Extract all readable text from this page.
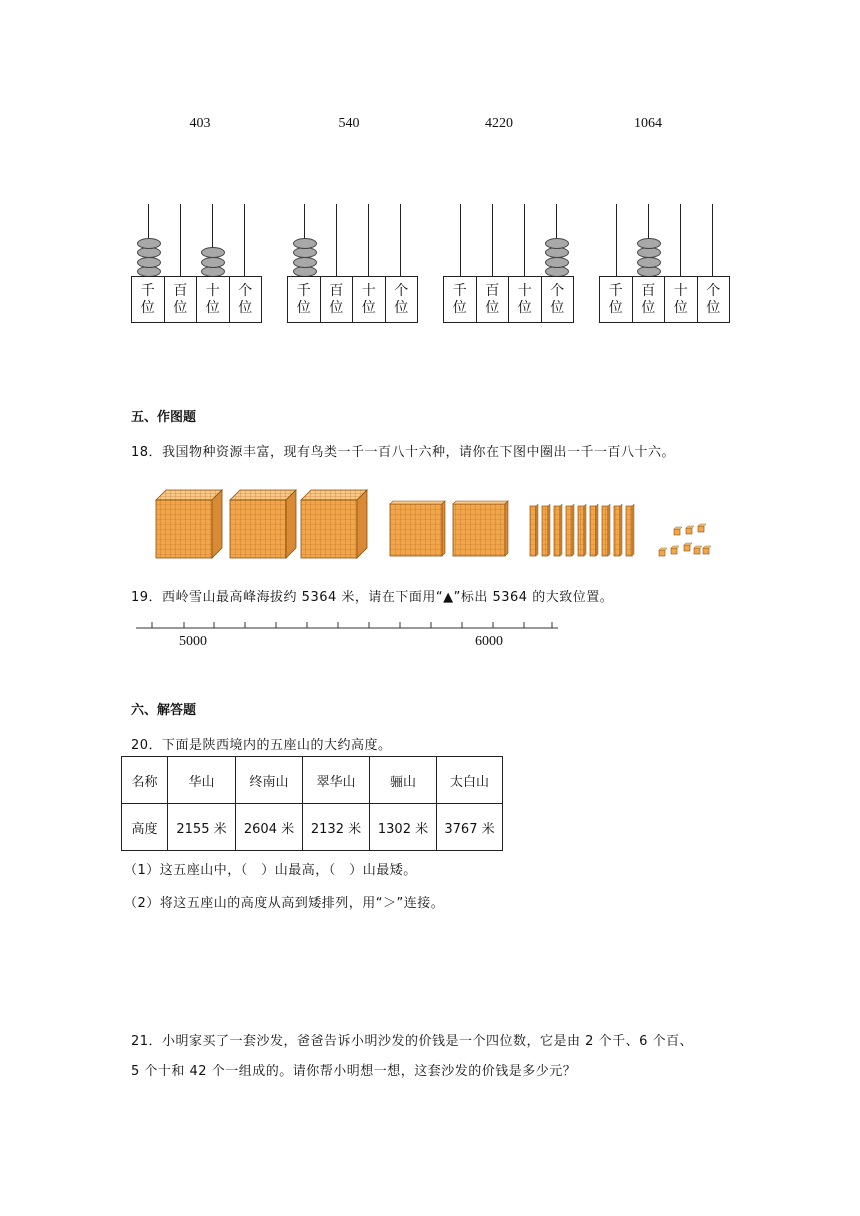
403	540	4220	1064
千
位
百
位
十
位
个
位
千
位
百
位
十
位
个
位
千
位
百
位
十
位
个
位
千
位
百
位
十
位
个
位
五、作图题
18．我国物种资源丰富，现有鸟类一千一百八十六种，请你在下图中圈出一千一百八十六。
19．西岭雪山最高峰海拔约 5364 米，请在下面用“▲”标出 5364 的大致位置。
5000	6000
六、解答题
20．下面是陕西境内的五座山的大约高度。
名称	华山	终南山	翠华山	骊山	太白山
高度	2155 米	2604 米	2132 米	1302 米	3767 米
（1）这五座山中，（　）山最高，（　）山最矮。
（2）将这五座山的高度从高到矮排列，用“＞”连接。
21．小明家买了一套沙发，爸爸告诉小明沙发的价钱是一个四位数，它是由 2 个千、6 个百、
5 个十和 42 个一组成的。请你帮小明想一想，这套沙发的价钱是多少元？
